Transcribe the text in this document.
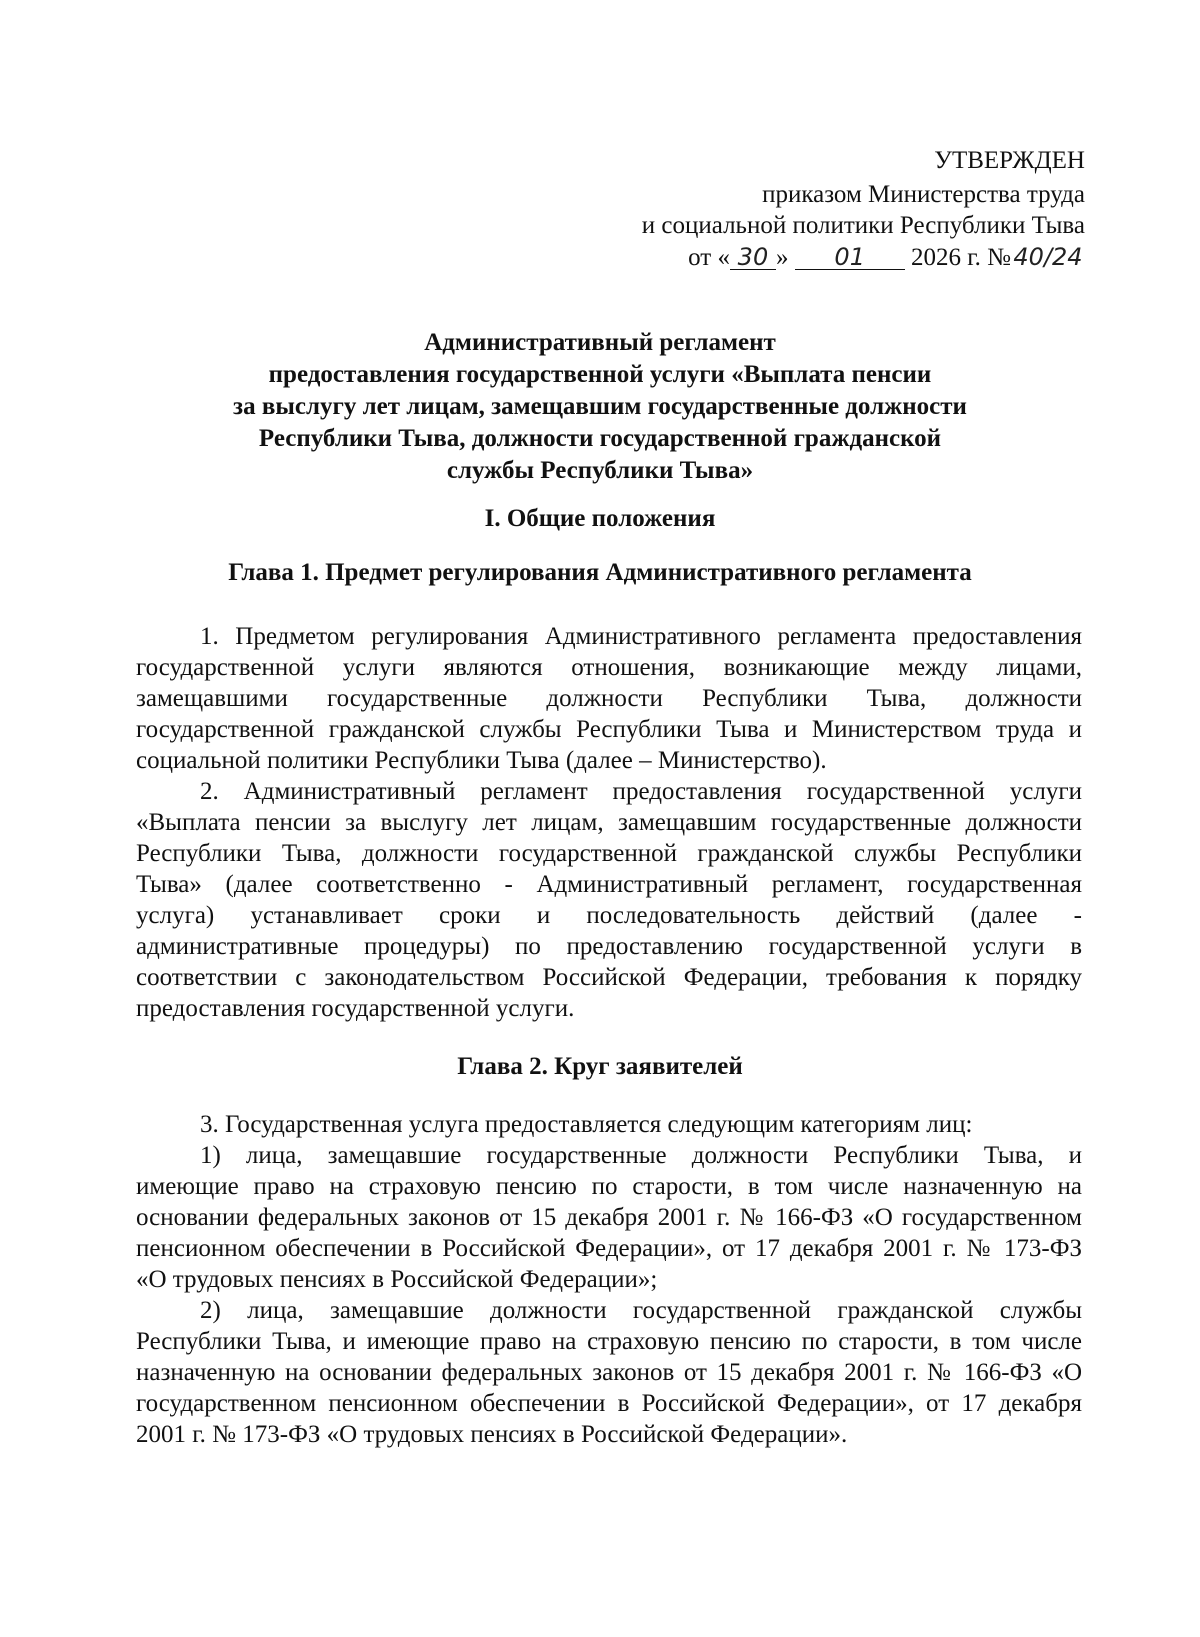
УТВЕРЖДЕН
приказом Министерства труда
и социальной политики Республики Тыва
от « 30 » 01 2026 г. № 40/24
Административный регламент
предоставления государственной услуги «Выплата пенсии
за выслугу лет лицам, замещавшим государственные должности
Республики Тыва, должности государственной гражданской
службы Республики Тыва»
I. Общие положения
Глава 1. Предмет регулирования Административного регламента
1. Предметом регулирования Административного регламента предоставления
государственной услуги являются отношения, возникающие между лицами,
замещавшими государственные должности Республики Тыва, должности
государственной гражданской службы Республики Тыва и Министерством труда и
социальной политики Республики Тыва (далее – Министерство).
2. Административный регламент предоставления государственной услуги
«Выплата пенсии за выслугу лет лицам, замещавшим государственные должности
Республики Тыва, должности государственной гражданской службы Республики
Тыва» (далее соответственно - Административный регламент, государственная
услуга) устанавливает сроки и последовательность действий (далее -
административные процедуры) по предоставлению государственной услуги в
соответствии с законодательством Российской Федерации, требования к порядку
предоставления государственной услуги.
Глава 2. Круг заявителей
3. Государственная услуга предоставляется следующим категориям лиц:
1) лица, замещавшие государственные должности Республики Тыва, и
имеющие право на страховую пенсию по старости, в том числе назначенную на
основании федеральных законов от 15 декабря 2001 г. № 166-ФЗ «О государственном
пенсионном обеспечении в Российской Федерации», от 17 декабря 2001 г. № 173-ФЗ
«О трудовых пенсиях в Российской Федерации»;
2) лица, замещавшие должности государственной гражданской службы
Республики Тыва, и имеющие право на страховую пенсию по старости, в том числе
назначенную на основании федеральных законов от 15 декабря 2001 г. № 166-ФЗ «О
государственном пенсионном обеспечении в Российской Федерации», от 17 декабря
2001 г. № 173-ФЗ «О трудовых пенсиях в Российской Федерации».
